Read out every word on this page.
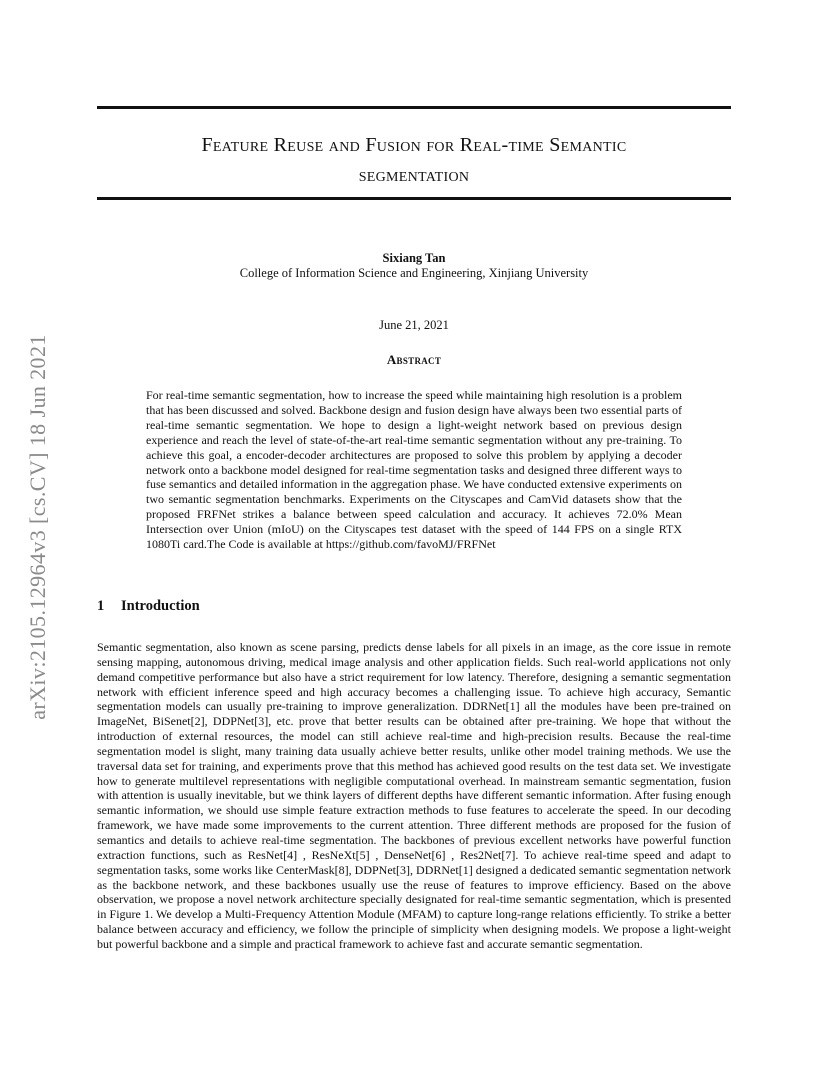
arXiv:2105.12964v3 [cs.CV] 18 Jun 2021
Feature Reuse and Fusion for Real-time Semantic
segmentation
Sixiang Tan
College of Information Science and Engineering, Xinjiang University
June 21, 2021
Abstract
For real-time semantic segmentation, how to increase the speed while maintaining high resolution is a problem that has been discussed and solved. Backbone design and fusion design have always been two essential parts of real-time semantic segmentation. We hope to design a light-weight network based on previous design experience and reach the level of state-of-the-art real-time semantic segmentation without any pre-training. To achieve this goal, a encoder-decoder architectures are proposed to solve this problem by applying a decoder network onto a backbone model designed for real-time segmentation tasks and designed three different ways to fuse semantics and detailed information in the aggregation phase. We have conducted extensive experiments on two semantic segmentation benchmarks. Experiments on the Cityscapes and CamVid datasets show that the proposed FRFNet strikes a balance between speed calculation and accuracy. It achieves 72.0% Mean Intersection over Union (mIoU) on the Cityscapes test dataset with the speed of 144 FPS on a single RTX 1080Ti card.The Code is available at https://github.com/favoMJ/FRFNet
1 Introduction
Semantic segmentation, also known as scene parsing, predicts dense labels for all pixels in an image, as the core issue in remote sensing mapping, autonomous driving, medical image analysis and other application fields. Such real-world applications not only demand competitive performance but also have a strict requirement for low latency. Therefore, designing a semantic segmentation network with efficient inference speed and high accuracy becomes a challenging issue. To achieve high accuracy, Semantic segmentation models can usually pre-training to improve generalization. DDRNet[1] all the modules have been pre-trained on ImageNet, BiSenet[2], DDPNet[3], etc. prove that better results can be obtained after pre-training. We hope that without the introduction of external resources, the model can still achieve real-time and high-precision results. Because the real-time segmentation model is slight, many training data usually achieve better results, unlike other model training methods. We use the traversal data set for training, and experiments prove that this method has achieved good results on the test data set. We investigate how to generate multilevel representations with negligible computational overhead. In mainstream semantic segmentation, fusion with attention is usually inevitable, but we think layers of different depths have different semantic information. After fusing enough semantic information, we should use simple feature extraction methods to fuse features to accelerate the speed. In our decoding framework, we have made some improvements to the current attention. Three different methods are proposed for the fusion of semantics and details to achieve real-time segmentation. The backbones of previous excellent networks have powerful function extraction functions, such as ResNet[4] , ResNeXt[5] , DenseNet[6] , Res2Net[7]. To achieve real-time speed and adapt to segmentation tasks, some works like CenterMask[8], DDPNet[3], DDRNet[1] designed a dedicated semantic segmentation network as the backbone network, and these backbones usually use the reuse of features to improve efficiency. Based on the above observation, we propose a novel network architecture specially designated for real-time semantic segmentation, which is presented in Figure 1. We develop a Multi-Frequency Attention Module (MFAM) to capture long-range relations efficiently. To strike a better balance between accuracy and efficiency, we follow the principle of simplicity when designing models. We propose a light-weight but powerful backbone and a simple and practical framework to achieve fast and accurate semantic segmentation.
